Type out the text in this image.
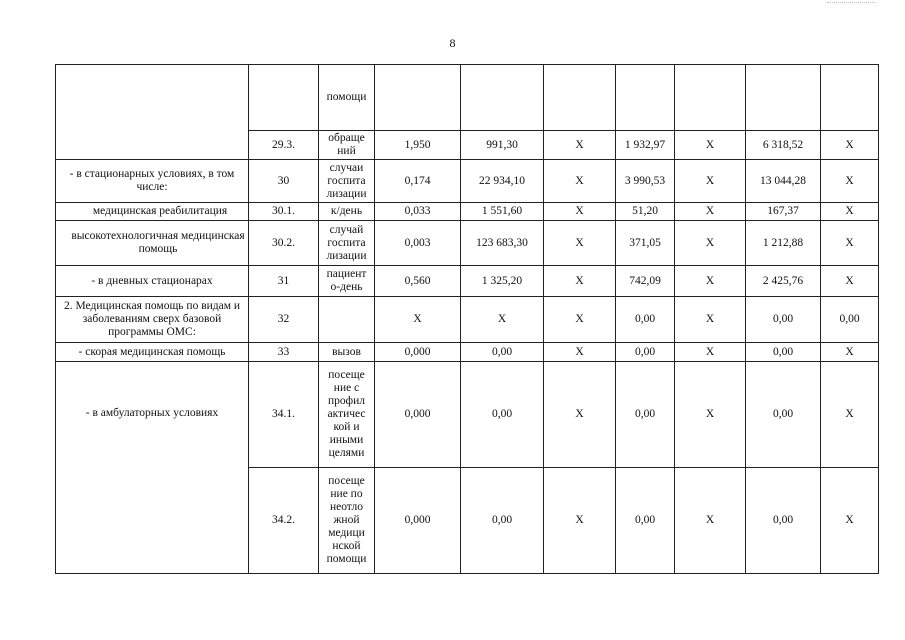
8
		помощи							
	29.3.	обраще ний	1,950	991,30	Х	1 932,97	Х	6 318,52	Х
- в стационарных условиях, в том числе:	30	случаи госпита лизации	0,174	22 934,10	Х	3 990,53	Х	13 044,28	Х
медицинская реабилитация	30.1.	к/день	0,033	1 551,60	Х	51,20	Х	167,37	Х
высокотехнологичная медицинская помощь	30.2.	случай госпита лизации	0,003	123 683,30	Х	371,05	Х	1 212,88	Х
- в дневных стационарах	31	пациент о-день	0,560	1 325,20	Х	742,09	Х	2 425,76	Х
2. Медицинская помощь по видам и заболеваниям сверх базовой программы ОМС:	32		Х	Х	Х	0,00	Х	0,00	0,00
- скорая медицинская помощь	33	вызов	0,000	0,00	Х	0,00	Х	0,00	Х
- в амбулаторных условиях	34.1.	посеще ние с профил актичес кой и иными целями	0,000	0,00	Х	0,00	Х	0,00	Х
	34.2.	посеще ние по неотло жной медици нской помощи	0,000	0,00	Х	0,00	Х	0,00	Х
